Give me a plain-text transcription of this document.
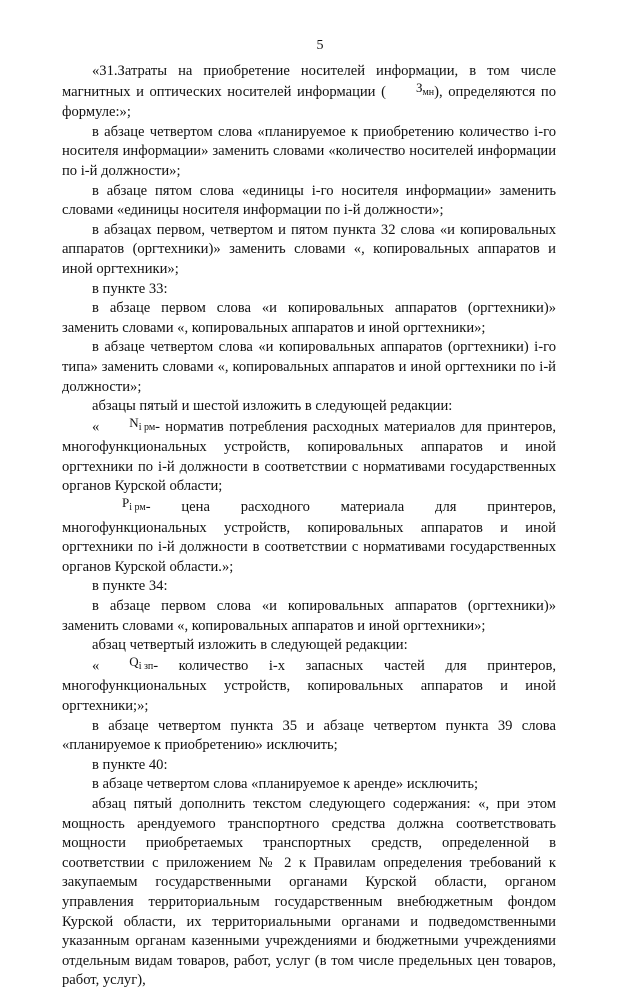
5

«31.Затраты на приобретение носителей информации, в том числе магнитных и оптических носителей информации ( $З_{мн}$), определяются по формуле:»;

в абзаце четвертом слова «планируемое к приобретению количество i-го носителя информации» заменить словами «количество носителей информации по i-й должности»;

в абзаце пятом слова «единицы i-го носителя информации» заменить словами «единицы носителя информации по i-й должности»;

в абзацах первом, четвертом и пятом пункта 32 слова «и копировальных аппаратов (оргтехники)» заменить словами «, копировальных аппаратов и иной оргтехники»;

в пункте 33:

в абзаце первом слова «и копировальных аппаратов (оргтехники)» заменить словами «, копировальных аппаратов и иной оргтехники»;

в абзаце четвертом слова «и копировальных аппаратов (оргтехники) i-го типа» заменить словами «, копировальных аппаратов и иной оргтехники по i-й должности»;

абзацы пятый и шестой изложить в следующей редакции:

« $N_{i рм}-$ норматив потребления расходных материалов для принтеров, многофункциональных устройств, копировальных аппаратов и иной оргтехники по i-й должности в соответствии с нормативами государственных органов Курской области;

$P_{i рм}-$ цена расходного материала для принтеров, многофункциональных устройств, копировальных аппаратов и иной оргтехники по i-й должности в соответствии с нормативами государственных органов Курской области.»;

в пункте 34:

в абзаце первом слова «и копировальных аппаратов (оргтехники)» заменить словами «, копировальных аппаратов и иной оргтехники»;

абзац четвертый изложить в следующей редакции:

« $Q_{i зп}-$ количество i-х запасных частей для принтеров, многофункциональных устройств, копировальных аппаратов и иной оргтехники;»;

в абзаце четвертом пункта 35 и абзаце четвертом пункта 39 слова «планируемое к приобретению» исключить;

в пункте 40:

в абзаце четвертом слова «планируемое к аренде» исключить;

абзац пятый дополнить текстом следующего содержания: «, при этом мощность арендуемого транспортного средства должна соответствовать мощности приобретаемых транспортных средств, определенной в соответствии с приложением № 2 к Правилам определения требований к закупаемым государственными органами Курской области, органом управления территориальным государственным внебюджетным фондом Курской области, их территориальными органами и подведомственными указанным органам казенными учреждениями и бюджетными учреждениями отдельным видам товаров, работ, услуг (в том числе предельных цен товаров, работ, услуг),
